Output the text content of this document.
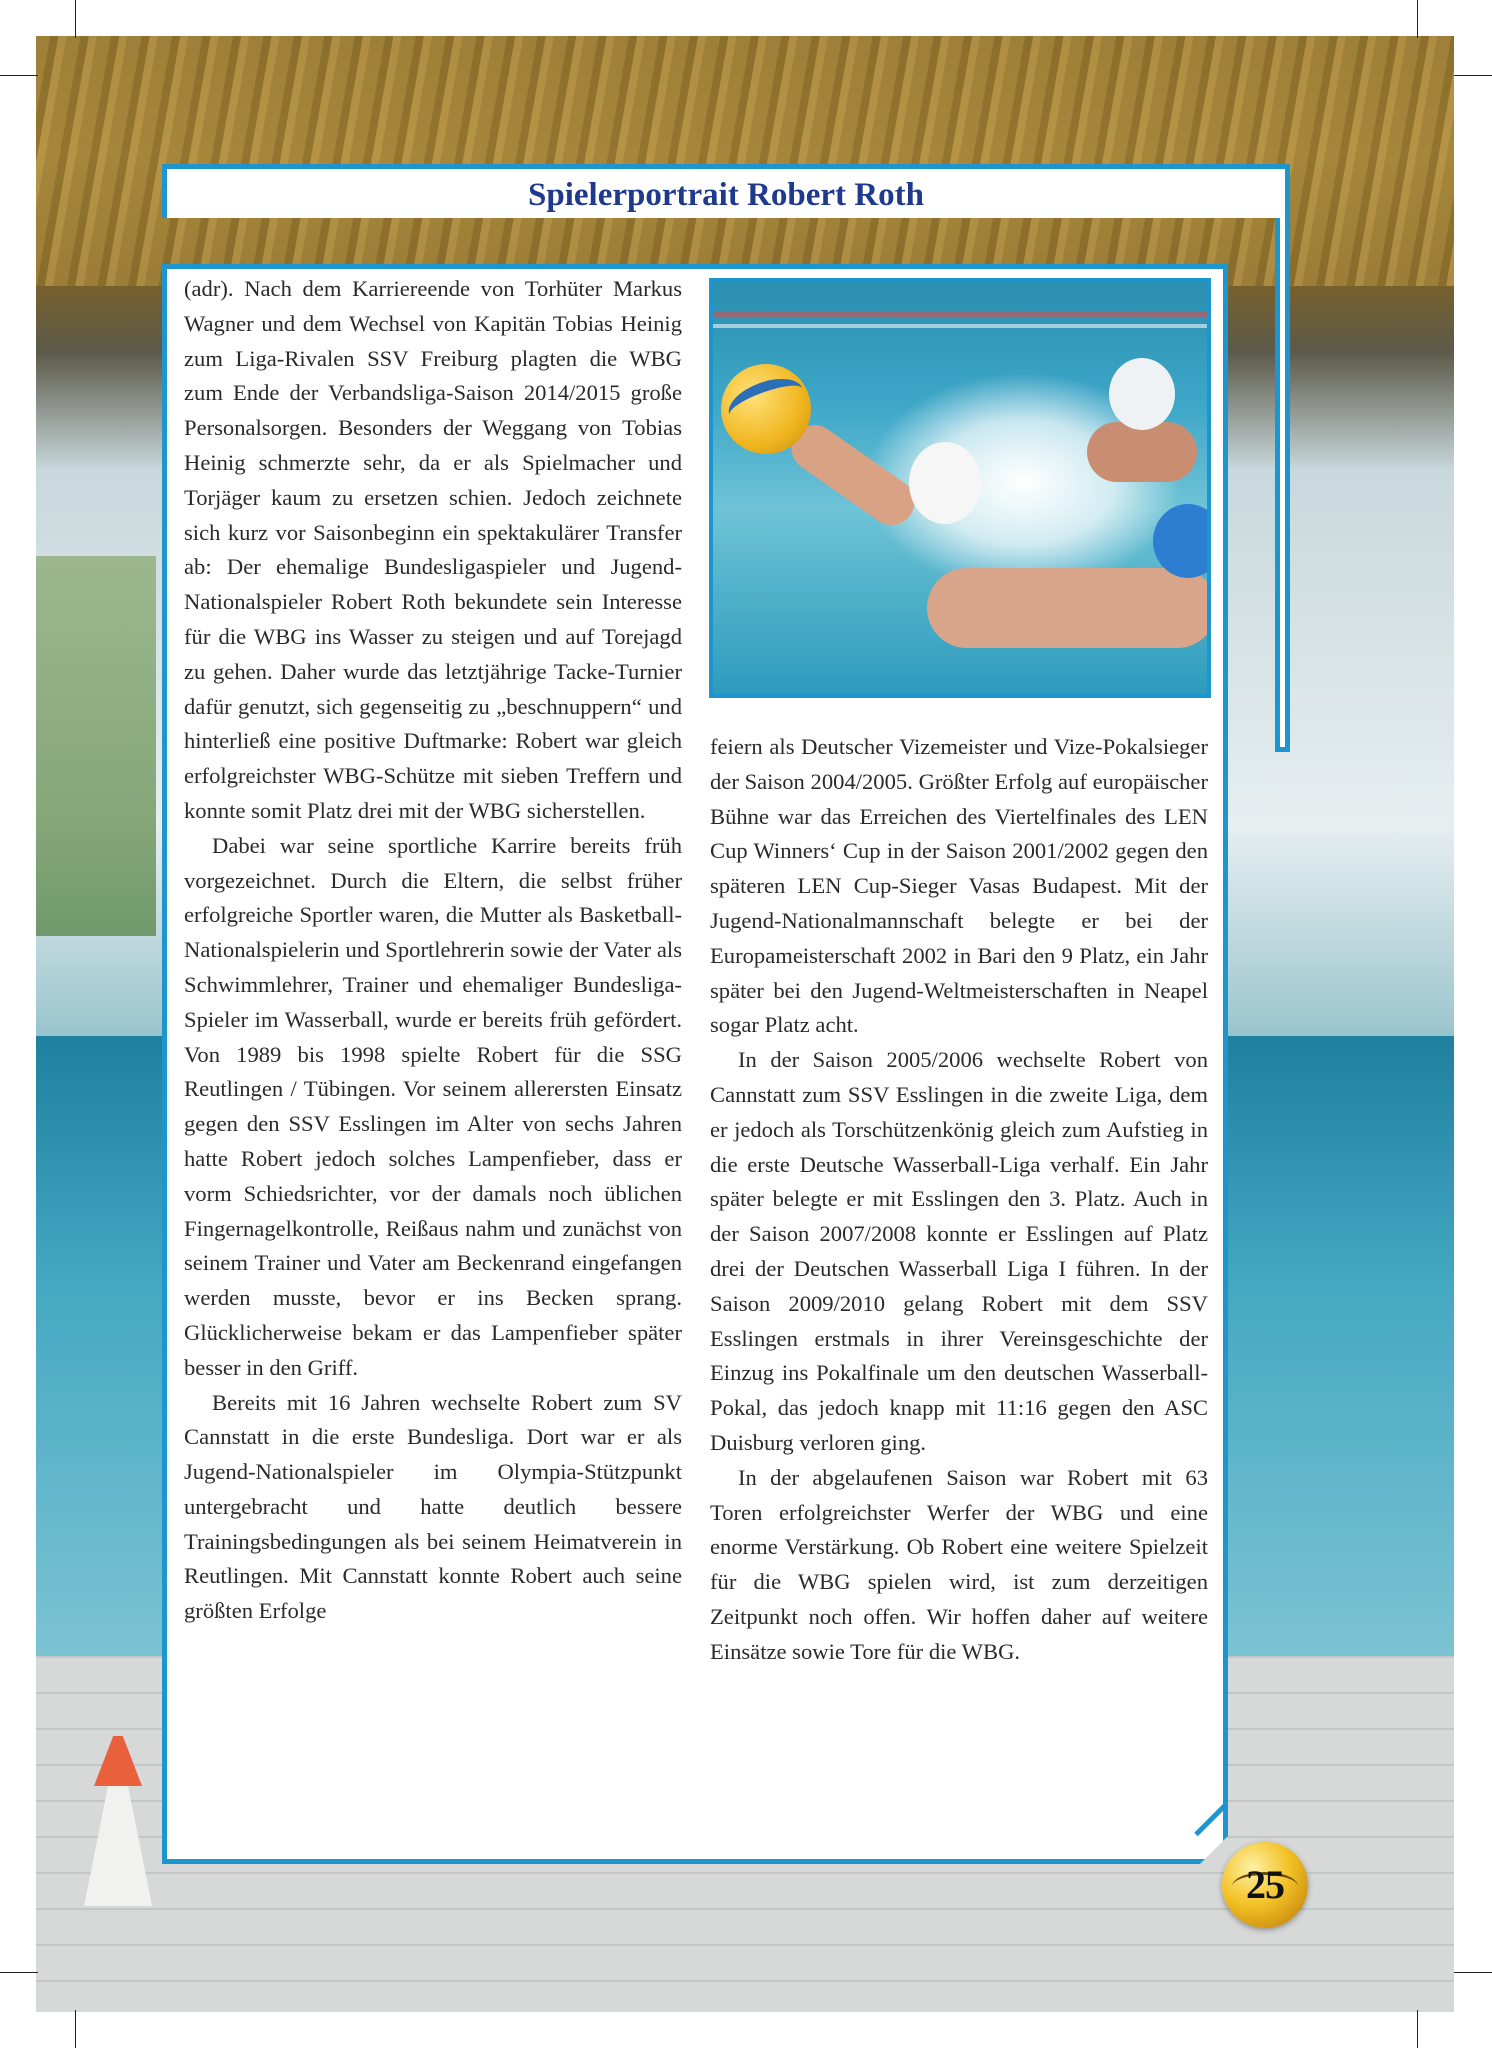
Spielerportrait Robert Roth

(adr). Nach dem Karriereende von Torhüter Markus Wagner und dem Wechsel von Kapitän Tobias Heinig zum Liga-Rivalen SSV Freiburg plagten die WBG zum Ende der Verbandsliga-Saison 2014/2015 große Personalsorgen. Besonders der Weggang von Tobias Heinig schmerzte sehr, da er als Spielmacher und Torjäger kaum zu ersetzen schien. Jedoch zeichnete sich kurz vor Saisonbeginn ein spektakulärer Transfer ab: Der ehemalige Bundesligaspieler und Jugend-Nationalspieler Robert Roth bekundete sein Interesse für die WBG ins Wasser zu steigen und auf Torejagd zu gehen. Daher wurde das letztjährige Tacke-Turnier dafür genutzt, sich gegenseitig zu „beschnuppern“ und hinterließ eine positive Duftmarke: Robert war gleich erfolgreichster WBG-Schütze mit sieben Treffern und konnte somit Platz drei mit der WBG sicherstellen.

Dabei war seine sportliche Karrire bereits früh vorgezeichnet. Durch die Eltern, die selbst früher erfolgreiche Sportler waren, die Mutter als Basketball-Nationalspielerin und Sportlehrerin sowie der Vater als Schwimmlehrer, Trainer und ehemaliger Bundesliga-Spieler im Wasserball, wurde er bereits früh gefördert. Von 1989 bis 1998 spielte Robert für die SSG Reutlingen / Tübingen. Vor seinem allerersten Einsatz gegen den SSV Esslingen im Alter von sechs Jahren hatte Robert jedoch solches Lampenfieber, dass er vorm Schiedsrichter, vor der damals noch üblichen Fingernagelkontrolle, Reißaus nahm und zunächst von seinem Trainer und Vater am Beckenrand eingefangen werden musste, bevor er ins Becken sprang. Glücklicherweise bekam er das Lampenfieber später besser in den Griff.

Bereits mit 16 Jahren wechselte Robert zum SV Cannstatt in die erste Bundesliga. Dort war er als Jugend-Nationalspieler im Olympia-Stützpunkt untergebracht und hatte deutlich bessere Trainingsbedingungen als bei seinem Heimatverein in Reutlingen. Mit Cannstatt konnte Robert auch seine größten Erfolge

feiern als Deutscher Vizemeister und Vize-Pokalsieger der Saison 2004/2005. Größter Erfolg auf europäischer Bühne war das Erreichen des Viertelfinales des LEN Cup Winners‘ Cup in der Saison 2001/2002 gegen den späteren LEN Cup-Sieger Vasas Budapest. Mit der Jugend-Nationalmannschaft belegte er bei der Europameisterschaft 2002 in Bari den 9 Platz, ein Jahr später bei den Jugend-Weltmeisterschaften in Neapel sogar Platz acht.

In der Saison 2005/2006 wechselte Robert von Cannstatt zum SSV Esslingen in die zweite Liga, dem er jedoch als Torschützenkönig gleich zum Aufstieg in die erste Deutsche Wasserball-Liga verhalf. Ein Jahr später belegte er mit Esslingen den 3. Platz. Auch in der Saison 2007/2008 konnte er Esslingen auf Platz drei der Deutschen Wasserball Liga I führen. In der Saison 2009/2010 gelang Robert mit dem SSV Esslingen erstmals in ihrer Vereinsgeschichte der Einzug ins Pokalfinale um den deutschen Wasserball-Pokal, das jedoch knapp mit 11:16 gegen den ASC Duisburg verloren ging.

In der abgelaufenen Saison war Robert mit 63 Toren erfolgreichster Werfer der WBG und eine enorme Verstärkung. Ob Robert eine weitere Spielzeit für die WBG spielen wird, ist zum derzeitigen Zeitpunkt noch offen. Wir hoffen daher auf weitere Einsätze sowie Tore für die WBG.

25
